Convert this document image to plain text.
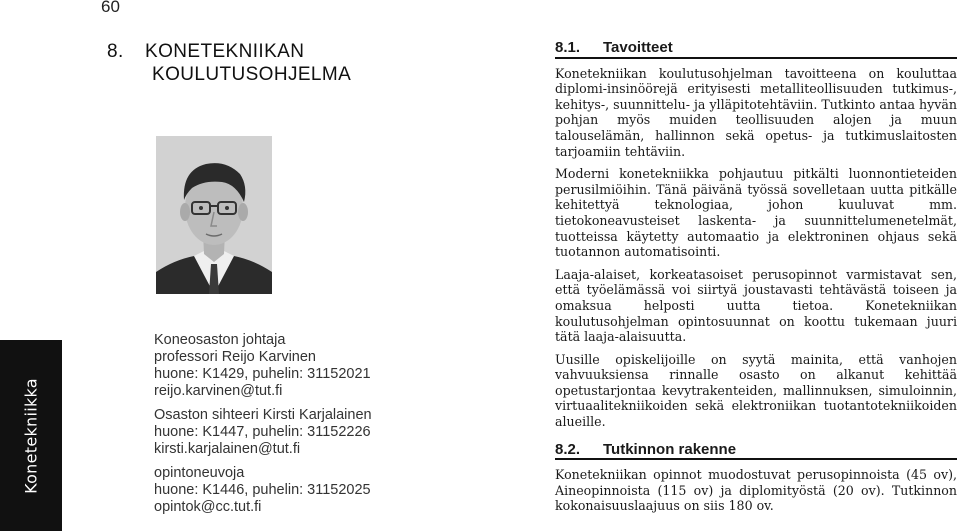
60
Konetekniikka
8. KONETEKNIIKAN
KOULUTUSOHJELMA
Koneosaston johtaja
professori Reijo Karvinen
huone: K1429, puhelin: 31152021
reijo.karvinen@tut.fi
Osaston sihteeri Kirsti Karjalainen
huone: K1447, puhelin: 31152226
kirsti.karjalainen@tut.fi
opintoneuvoja
huone: K1446, puhelin: 31152025
opintok@cc.tut.fi
8.1. Tavoitteet

Konetekniikan koulutusohjelman tavoitteena on kouluttaa diplomi-insinöörejä erityisesti metalliteollisuuden tutkimus-, kehitys-, suunnittelu- ja ylläpitotehtäviin. Tutkinto antaa hyvän pohjan myös muiden teollisuuden alojen ja muun talouselämän, hallinnon sekä opetus- ja tutkimuslaitosten tarjoamiin tehtäviin.

Moderni konetekniikka pohjautuu pitkälti luonnontieteiden perusilmiöihin. Tänä päivänä työssä sovelletaan uutta pitkälle kehitettyä teknologiaa, johon kuuluvat mm. tietokoneavusteiset laskenta- ja suunnittelumenetelmät, tuotteissa käytetty automaatio ja elektroninen ohjaus sekä tuotannon automatisointi.

Laaja-alaiset, korkeatasoiset perusopinnot varmistavat sen, että työelämässä voi siirtyä joustavasti tehtävästä toiseen ja omaksua helposti uutta tietoa. Konetekniikan koulutusohjelman opintosuunnat on koottu tukemaan juuri tätä laaja-alaisuutta.

Uusille opiskelijoille on syytä mainita, että vanhojen vahvuuksiensa rinnalle osasto on alkanut kehittää opetustarjontaa kevytrakenteiden, mallinnuksen, simuloinnin, virtuaalitekniikoiden sekä elektroniikan tuotantotekniikoiden alueille.

8.2. Tutkinnon rakenne

Konetekniikan opinnot muodostuvat perusopinnoista (45 ov), Aineopinnoista (115 ov) ja diplomityöstä (20 ov). Tutkinnon kokonaisuuslaajuus on siis 180 ov.
